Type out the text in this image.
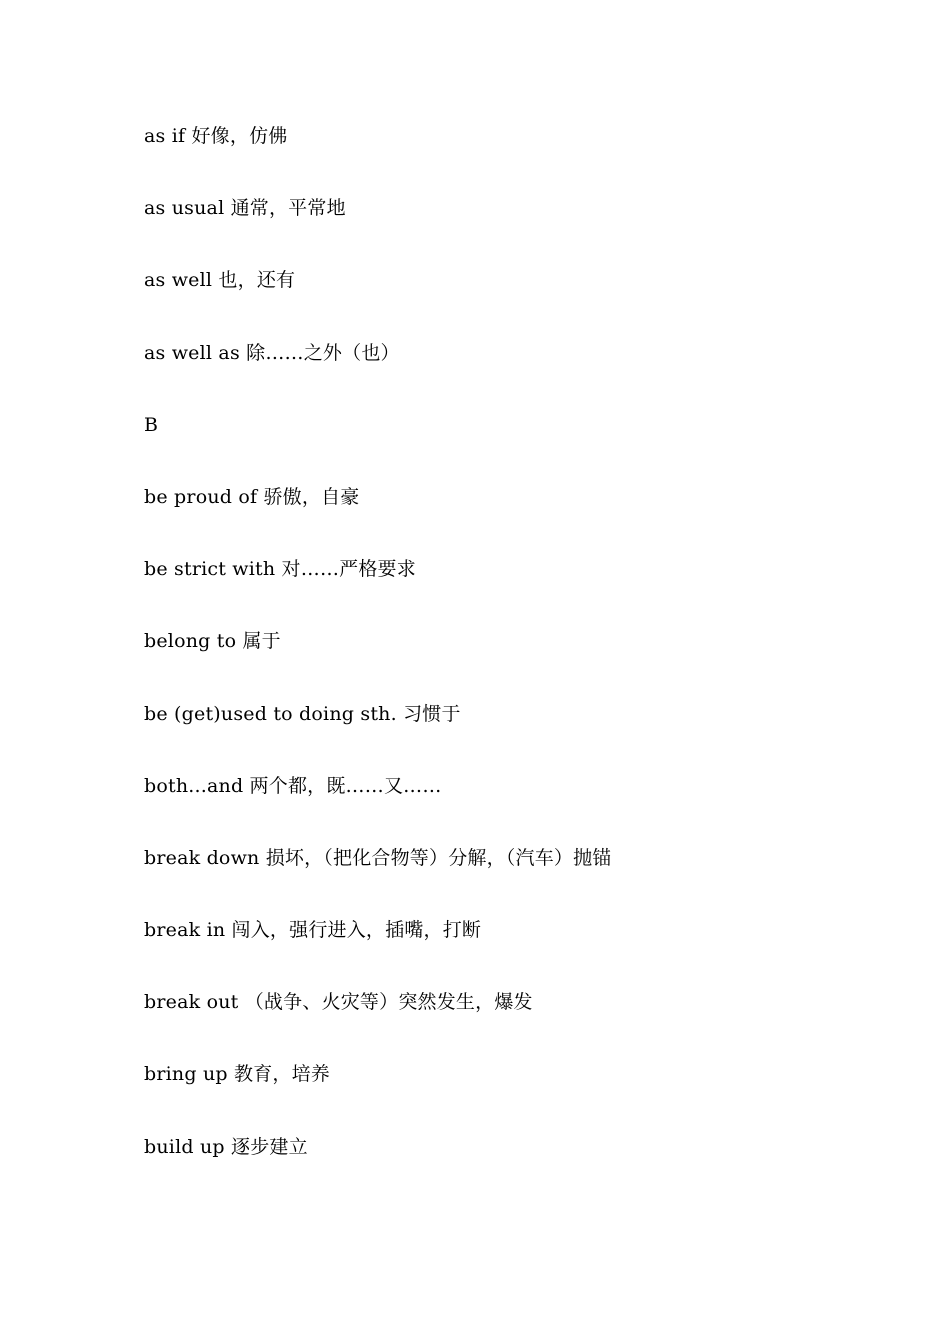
as if 好像，仿佛
as usual 通常，平常地
as well 也，还有
as well as 除……之外（也）
B
be proud of 骄傲，自豪
be strict with 对……严格要求
belong to 属于
be (get)used to doing sth. 习惯于
both...and 两个都，既……又……
break down 损坏，（把化合物等）分解，（汽车）抛锚
break in 闯入，强行进入，插嘴，打断
break out （战争、火灾等）突然发生，爆发
bring up 教育，培养
build up 逐步建立
